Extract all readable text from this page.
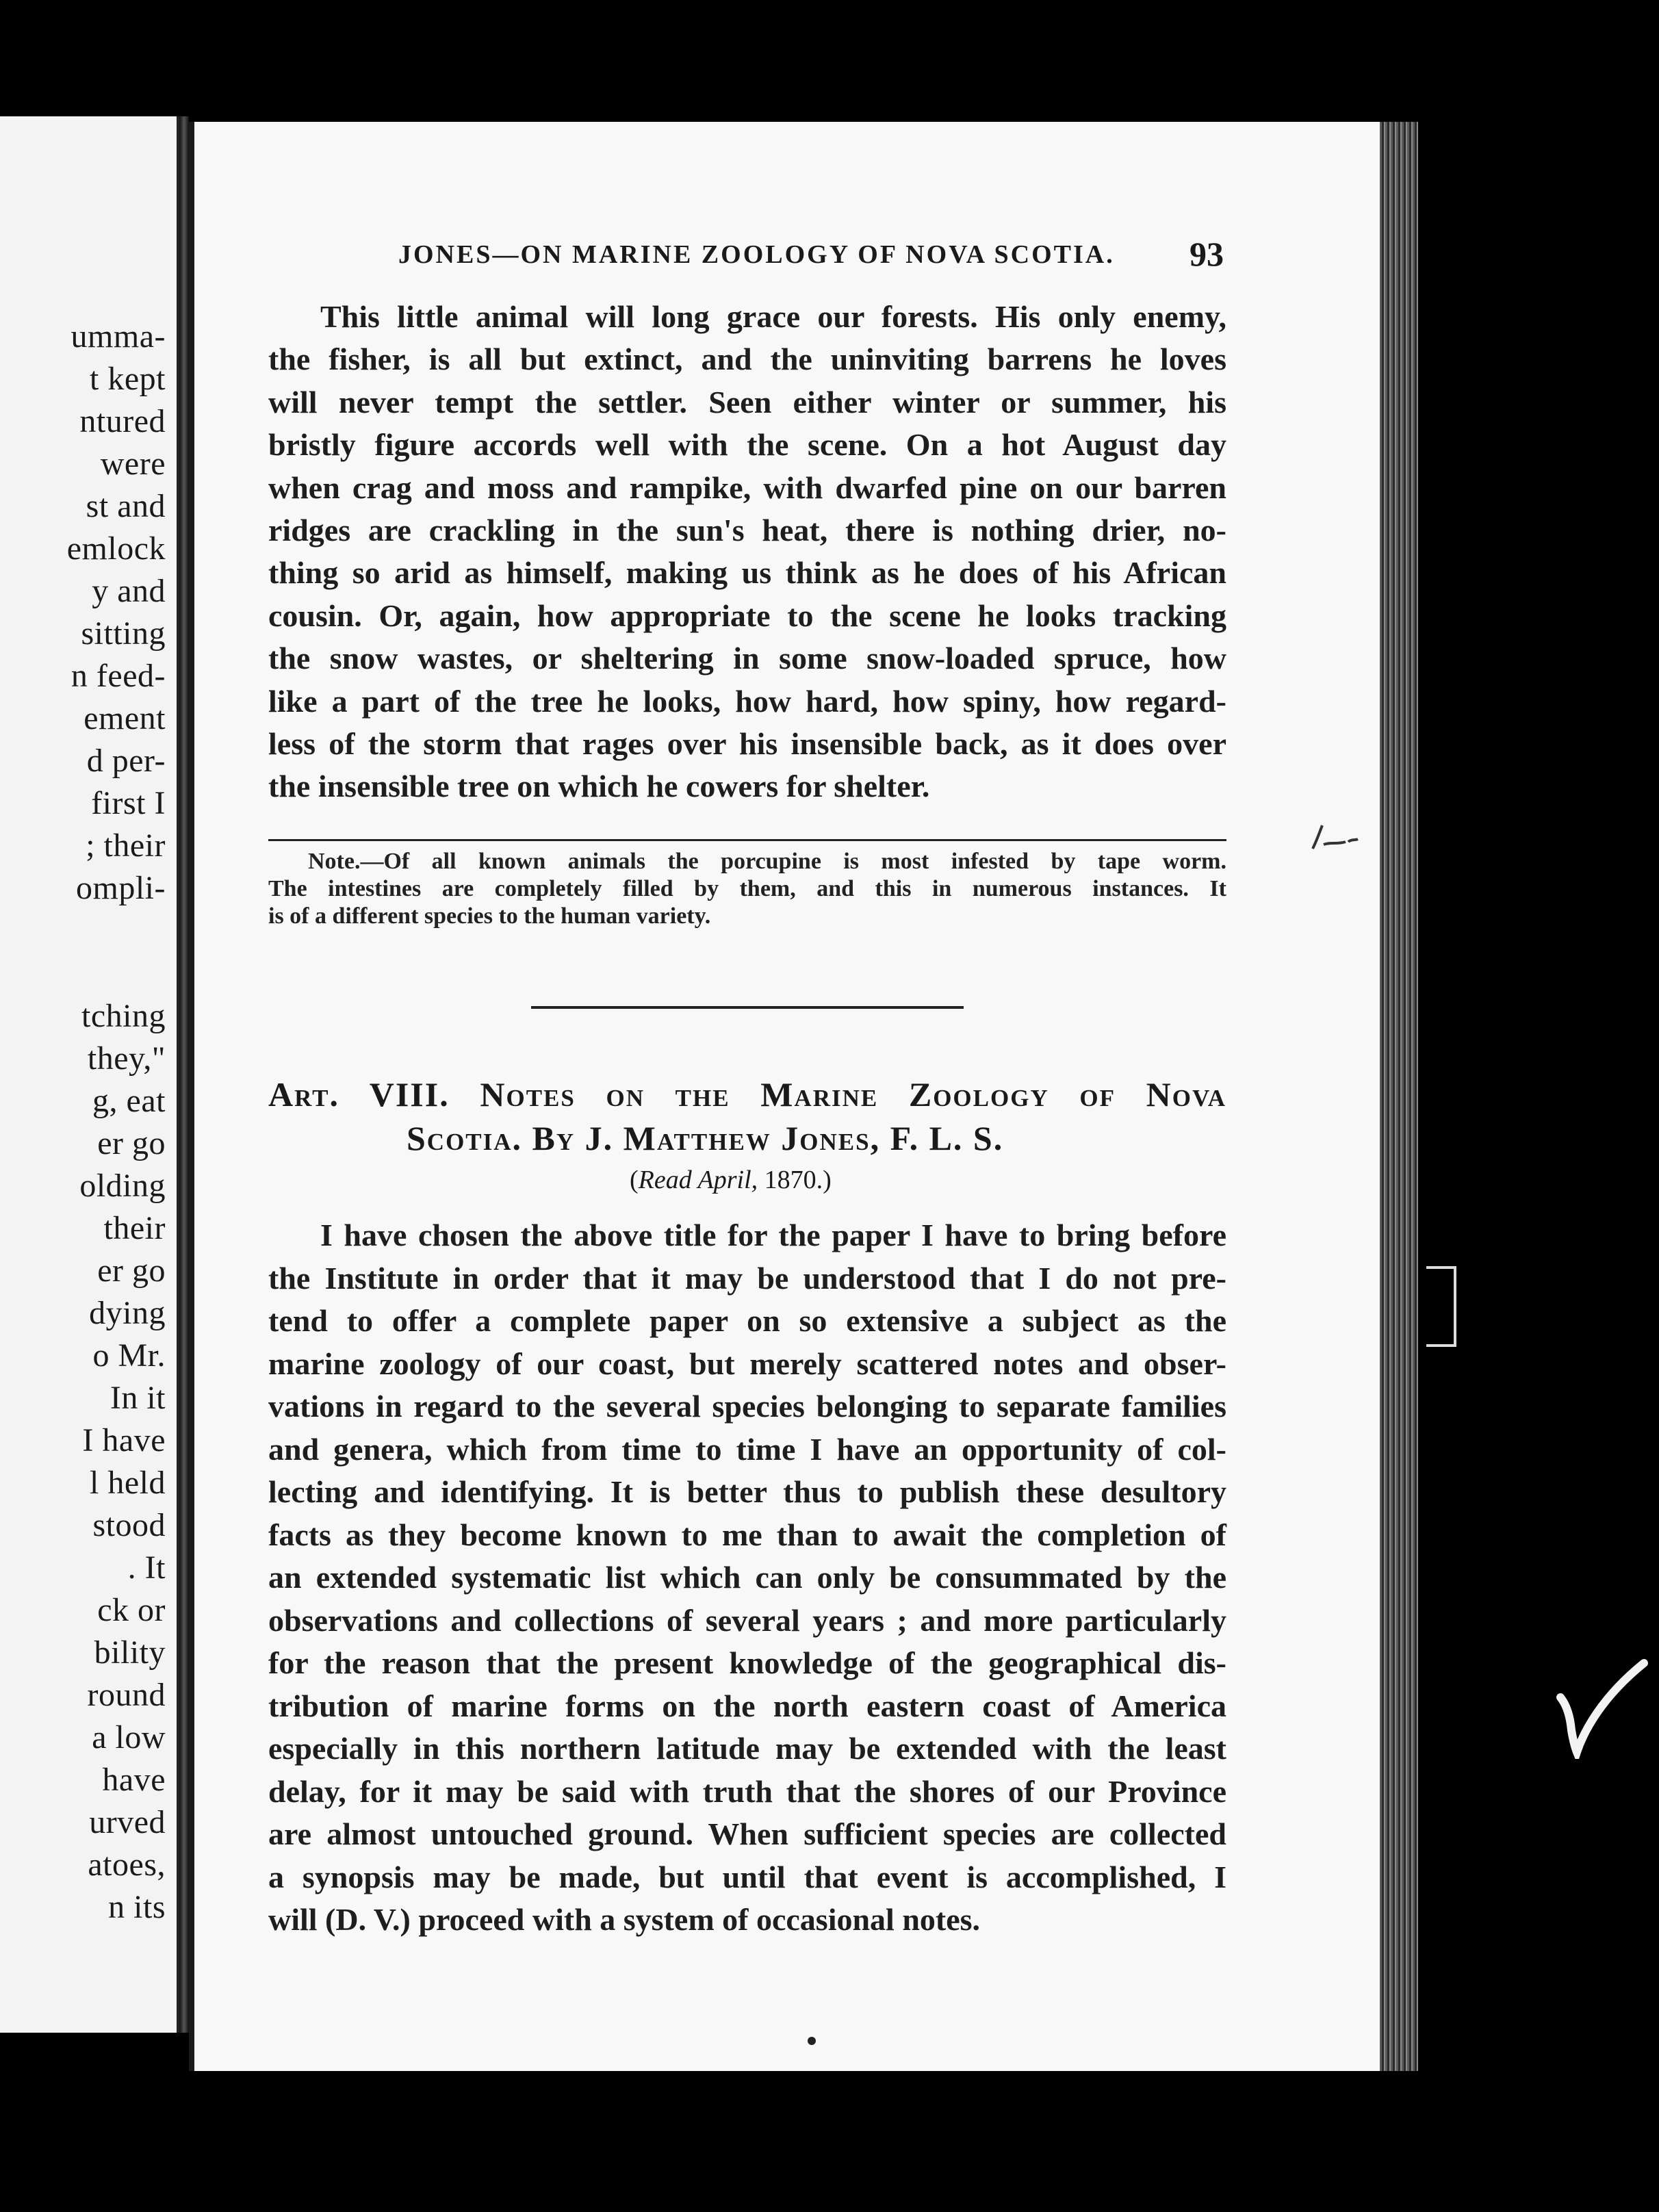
umma-
t kept
ntured
were
st and
emlock
y and
sitting
n feed-
ement
d per-
first I
; their
ompli-
tching
they,"
g, eat
er go
olding
their
er go
dying
o Mr.
In it
I have
l held
stood
. It
ck or
bility
round
a low
have
urved
atoes,
n its
JONES—ON MARINE ZOOLOGY OF NOVA SCOTIA. 93
This little animal will long grace our forests. His only enemy,
the fisher, is all but extinct, and the uninviting barrens he loves
will never tempt the settler. Seen either winter or summer, his
bristly figure accords well with the scene. On a hot August day
when crag and moss and rampike, with dwarfed pine on our barren
ridges are crackling in the sun's heat, there is nothing drier, no-
thing so arid as himself, making us think as he does of his African
cousin. Or, again, how appropriate to the scene he looks tracking
the snow wastes, or sheltering in some snow-loaded spruce, how
like a part of the tree he looks, how hard, how spiny, how regard-
less of the storm that rages over his insensible back, as it does over
the insensible tree on which he cowers for shelter.
Note.—Of all known animals the porcupine is most infested by tape worm.
The intestines are completely filled by them, and this in numerous instances. It
is of a different species to the human variety.
Art. VIII. Notes on the Marine Zoology of Nova
Scotia. By J. Matthew Jones, F. L. S.
(Read April, 1870.)
I have chosen the above title for the paper I have to bring before
the Institute in order that it may be understood that I do not pre-
tend to offer a complete paper on so extensive a subject as the
marine zoology of our coast, but merely scattered notes and obser-
vations in regard to the several species belonging to separate families
and genera, which from time to time I have an opportunity of col-
lecting and identifying. It is better thus to publish these desultory
facts as they become known to me than to await the completion of
an extended systematic list which can only be consummated by the
observations and collections of several years ; and more particularly
for the reason that the present knowledge of the geographical dis-
tribution of marine forms on the north eastern coast of America
especially in this northern latitude may be extended with the least
delay, for it may be said with truth that the shores of our Province
are almost untouched ground. When sufficient species are collected
a synopsis may be made, but until that event is accomplished, I
will (D. V.) proceed with a system of occasional notes.
